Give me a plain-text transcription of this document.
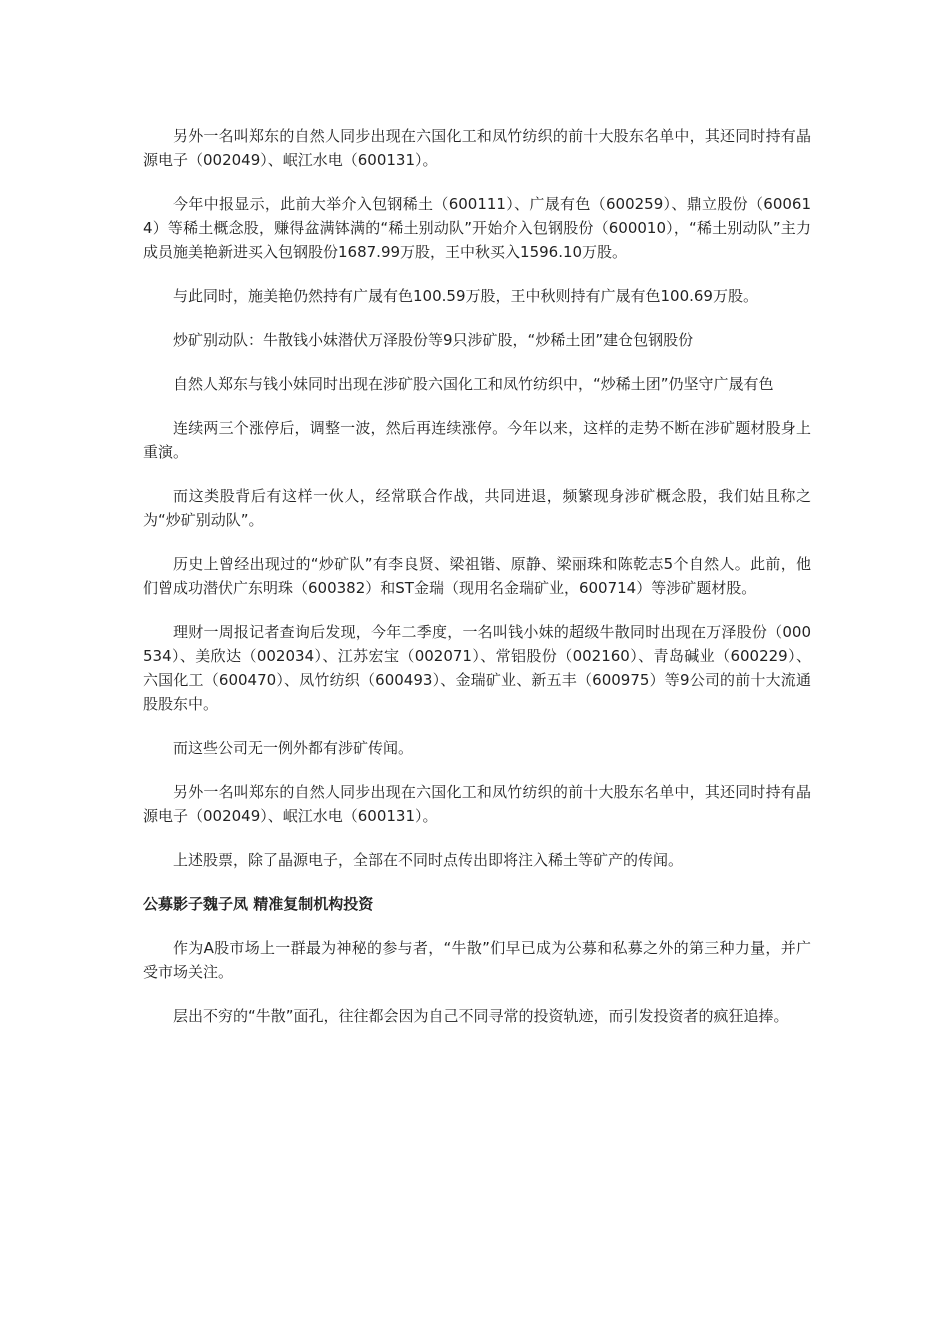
另外一名叫郑东的自然人同步出现在六国化工和凤竹纺织的前十大股东名单中，其还同时持有晶源电子（002049）、岷江水电（600131）。

今年中报显示，此前大举介入包钢稀土（600111）、广晟有色（600259）、鼎立股份（600614）等稀土概念股，赚得盆满钵满的“稀土别动队”开始介入包钢股份（600010），“稀土别动队”主力成员施美艳新进买入包钢股份1687.99万股，王中秋买入1596.10万股。

与此同时，施美艳仍然持有广晟有色100.59万股，王中秋则持有广晟有色100.69万股。

炒矿别动队：牛散钱小妹潜伏万泽股份等9只涉矿股，“炒稀土团”建仓包钢股份

自然人郑东与钱小妹同时出现在涉矿股六国化工和凤竹纺织中，“炒稀土团”仍坚守广晟有色

连续两三个涨停后，调整一波，然后再连续涨停。今年以来，这样的走势不断在涉矿题材股身上重演。

而这类股背后有这样一伙人，经常联合作战，共同进退，频繁现身涉矿概念股，我们姑且称之为“炒矿别动队”。

历史上曾经出现过的“炒矿队”有李良贤、梁祖锴、原静、梁丽珠和陈乾志5个自然人。此前，他们曾成功潜伏广东明珠（600382）和ST金瑞（现用名金瑞矿业，600714）等涉矿题材股。

理财一周报记者查询后发现，今年二季度，一名叫钱小妹的超级牛散同时出现在万泽股份（000534）、美欣达（002034）、江苏宏宝（002071）、常铝股份（002160）、青岛碱业（600229）、六国化工（600470）、凤竹纺织（600493）、金瑞矿业、新五丰（600975）等9公司的前十大流通股股东中。

而这些公司无一例外都有涉矿传闻。

另外一名叫郑东的自然人同步出现在六国化工和凤竹纺织的前十大股东名单中，其还同时持有晶源电子（002049）、岷江水电（600131）。

上述股票，除了晶源电子，全部在不同时点传出即将注入稀土等矿产的传闻。

公募影子魏子凤 精准复制机构投资

作为A股市场上一群最为神秘的参与者，“牛散”们早已成为公募和私募之外的第三种力量，并广受市场关注。

层出不穷的“牛散”面孔，往往都会因为自己不同寻常的投资轨迹，而引发投资者的疯狂追捧。
